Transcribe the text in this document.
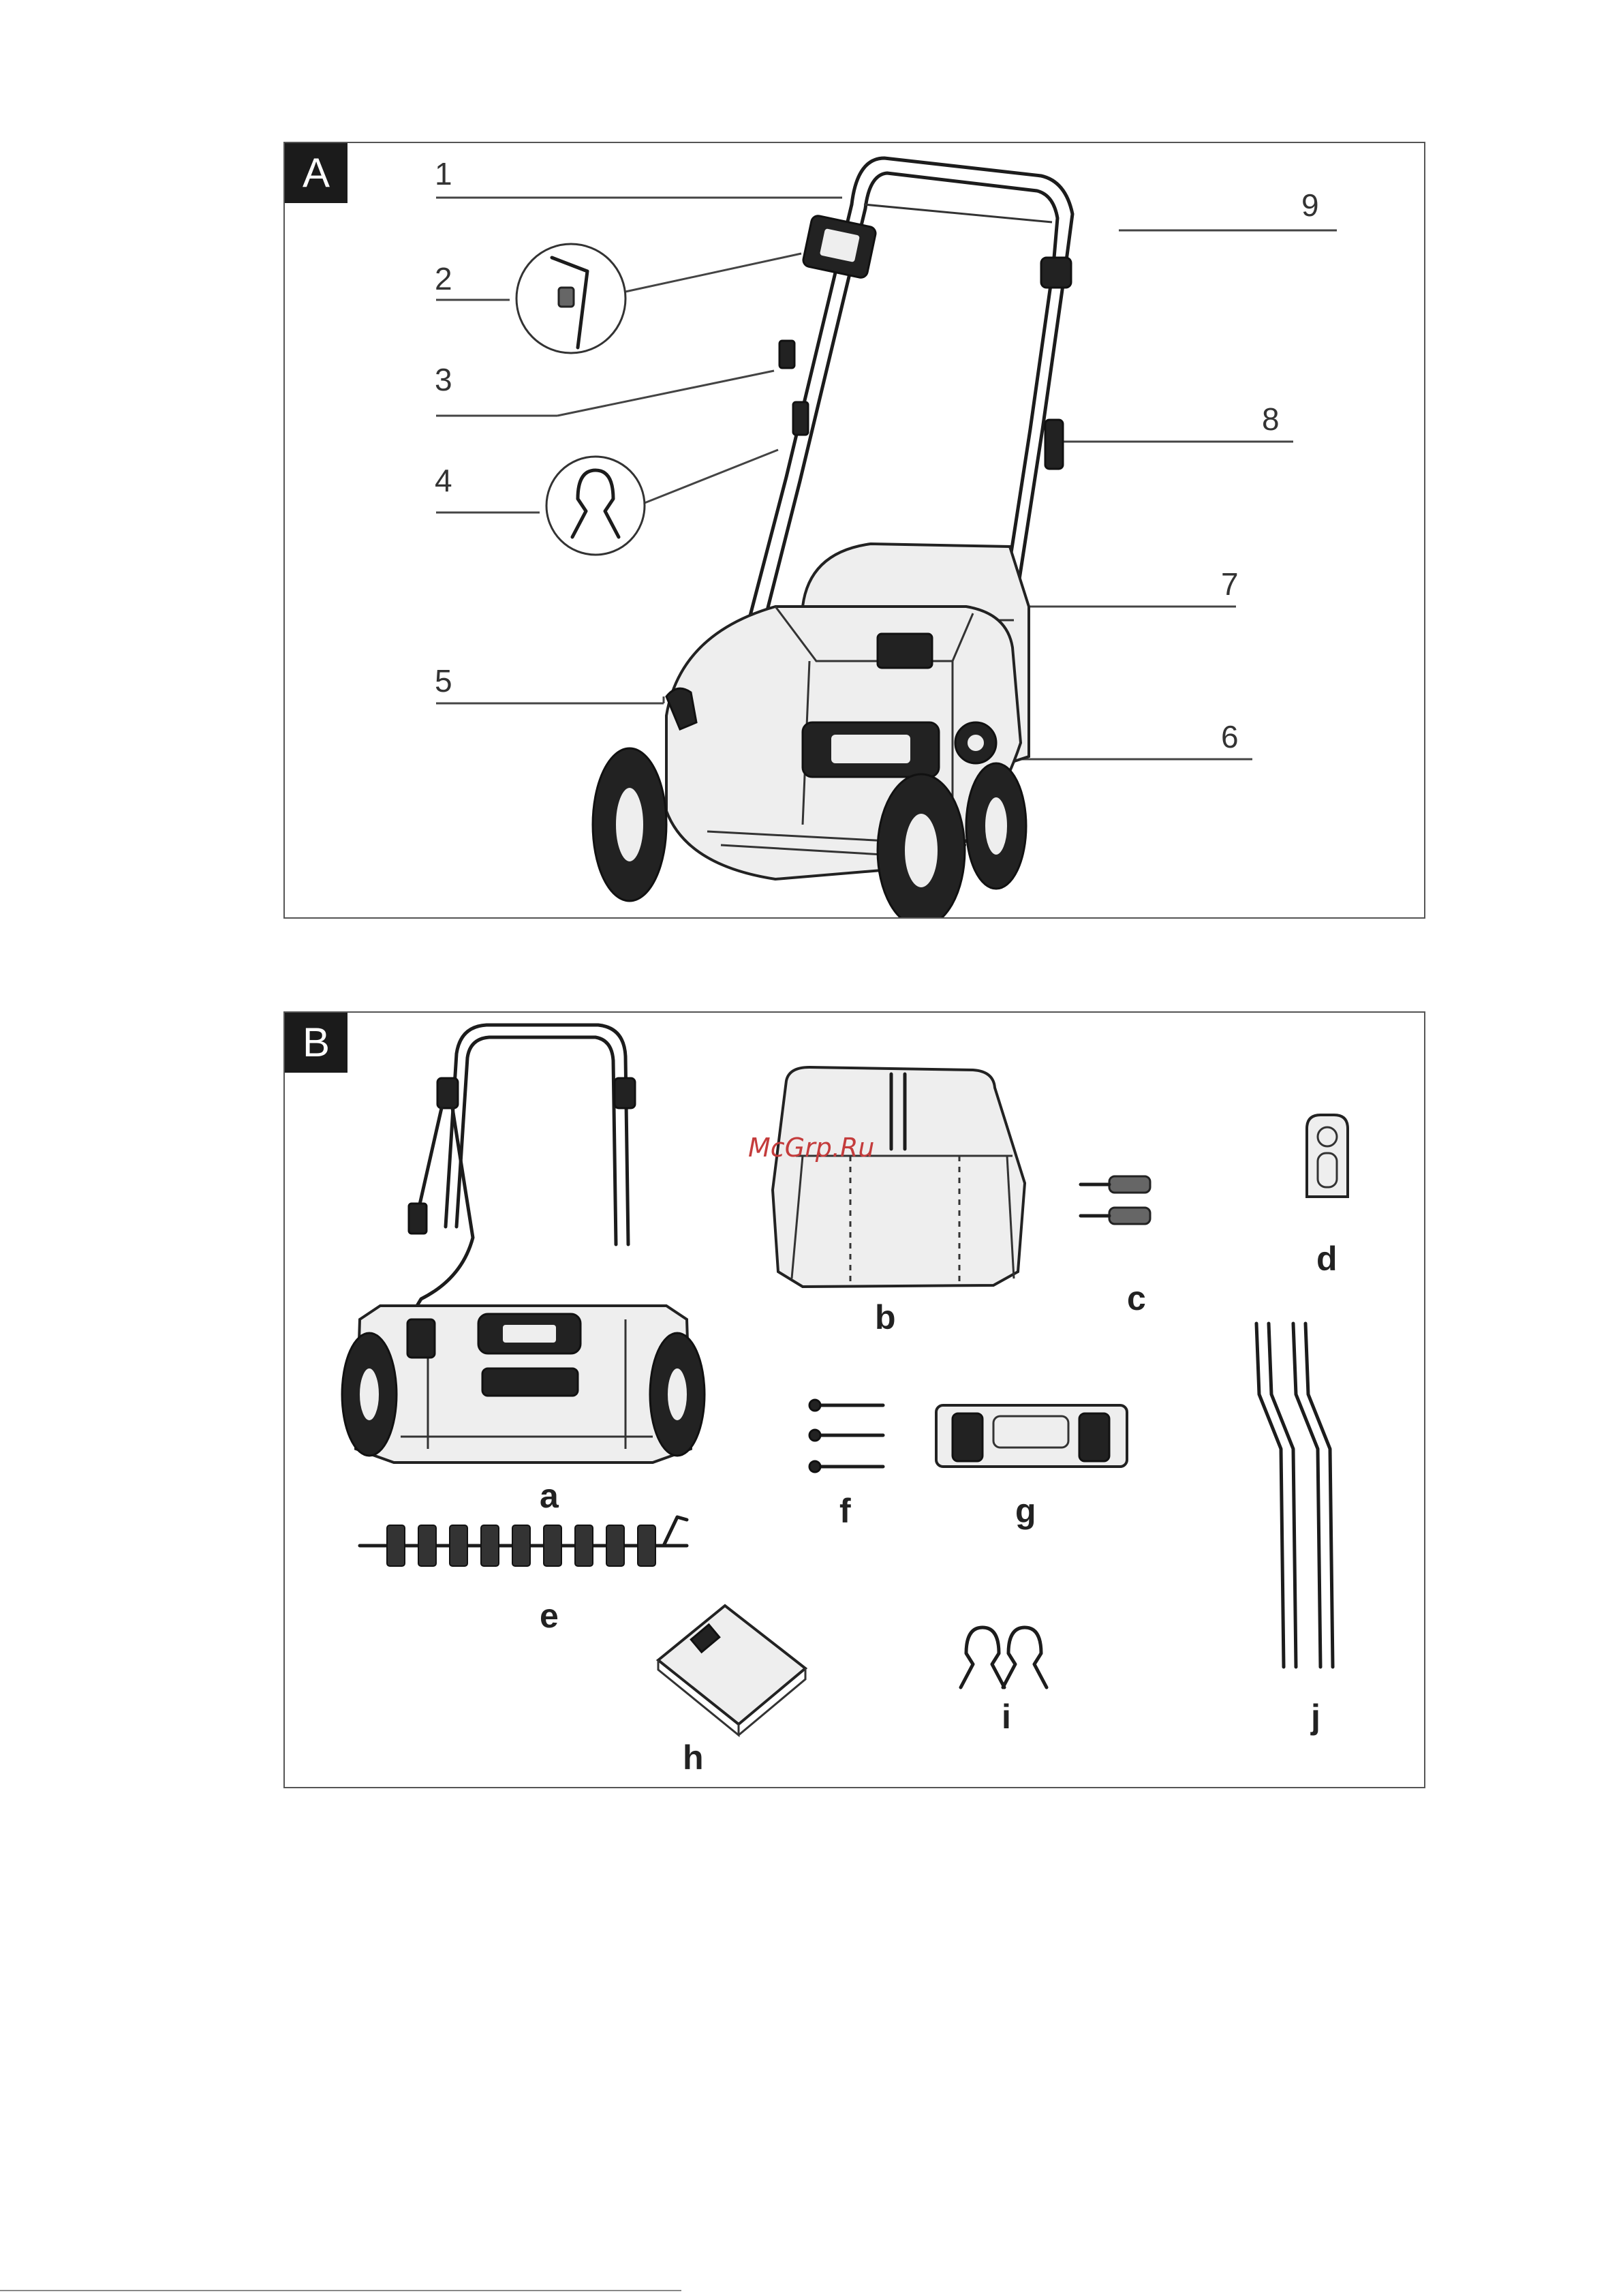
A	1
2
3
4
5
6
7
8
9
B
a
b	c
d
e
f	g
h
i	j
McGrp.Ru
